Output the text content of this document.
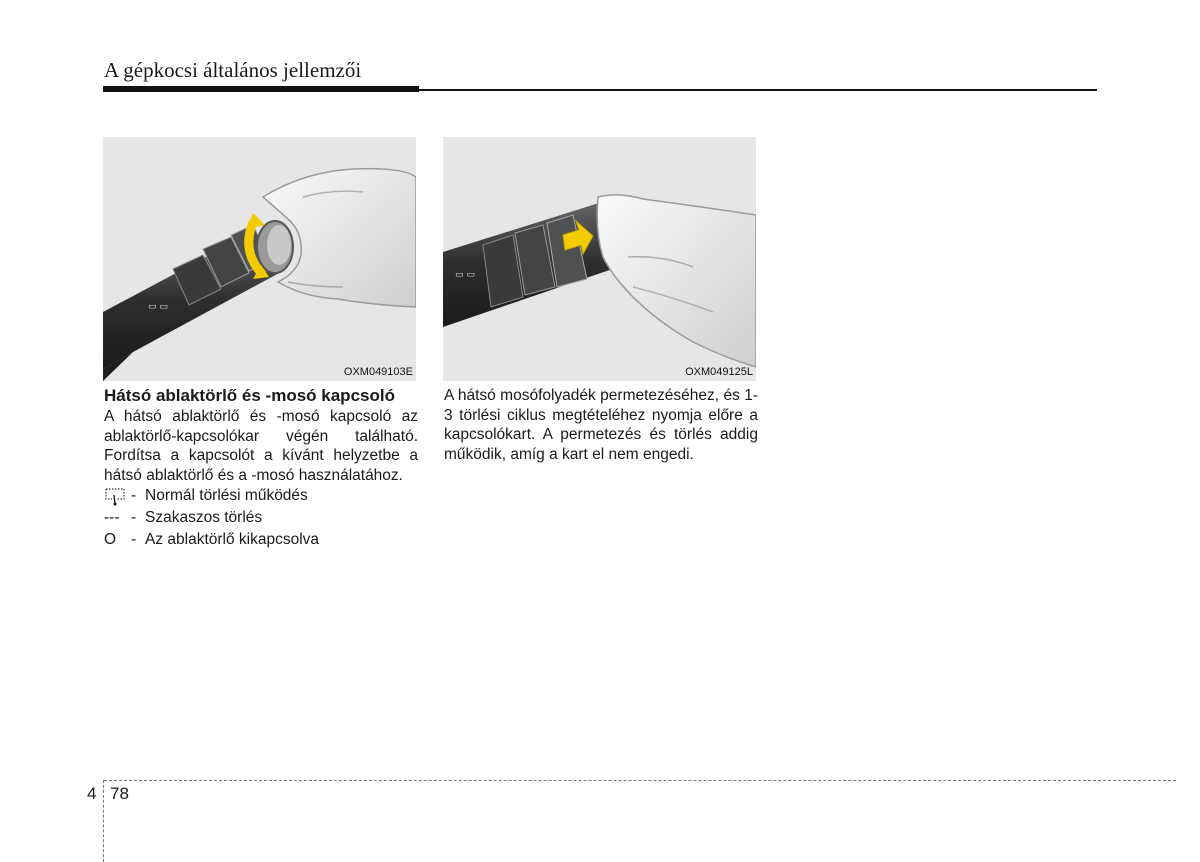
A gépkocsi általános jellemzői
▭ ▭
OXM049103E
▭ ▭
OXM049125L
Hátsó ablaktörlő és -mosó kapcsoló

A hátsó ablaktörlő és -mosó kapcsoló az ablaktörlő-kapcsolókar végén található. Fordítsa a kapcsolót a kívánt helyzetbe a hátsó ablaktörlő és a -mosó használatához.

- Normál törlési működés
--- - Szakaszos törlés
O - Az ablaktörlő kikapcsolva

A hátsó mosófolyadék permetezéséhez, és 1-3 törlési ciklus megtételéhez nyomja előre a kapcsolókart. A permetezés és törlés addig működik, amíg a kart el nem engedi.

4 78
